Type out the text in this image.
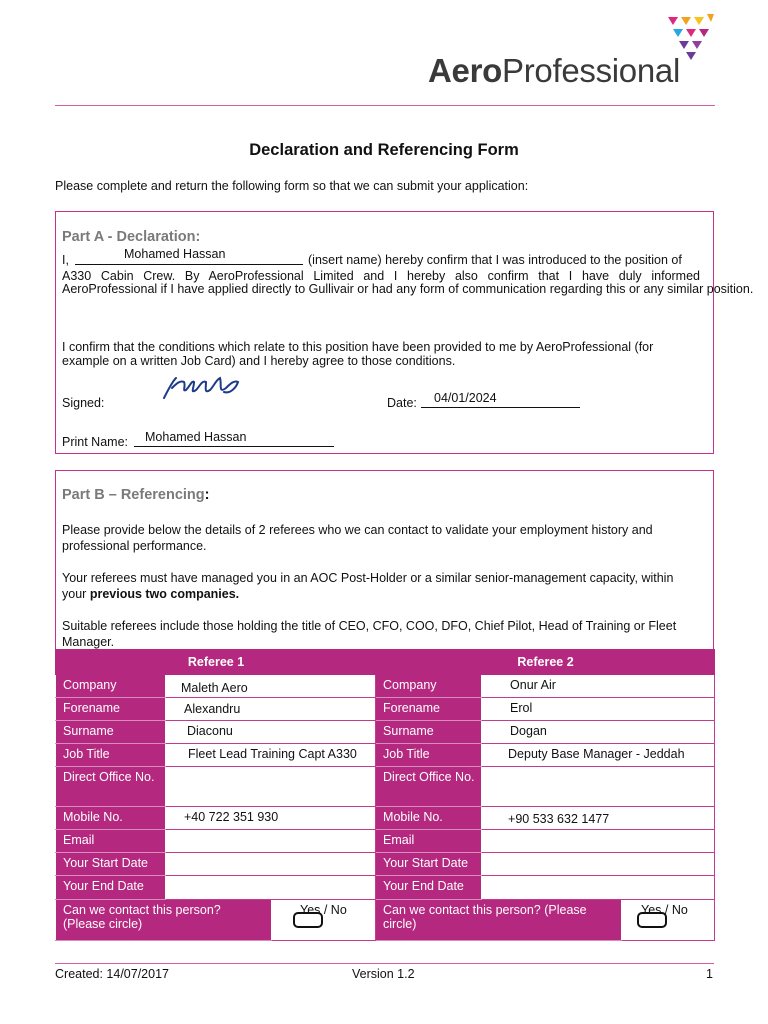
AeroProfessional
Declaration and Referencing Form
Please complete and return the following form so that we can submit your application:
Part A - Declaration:
I,	Mohamed Hassan	(insert name) hereby confirm that I was introduced to the position of
A330 Cabin Crew. By AeroProfessional Limited and I hereby also confirm that I have duly informed
AeroProfessional if I have applied directly to Gullivair or had any form of communication regarding this or any similar position.
I confirm that the conditions which relate to this position have been provided to me by AeroProfessional (for
example on a written Job Card) and I hereby agree to those conditions.
Signed:	Date: 04/01/2024
Print Name: Mohamed Hassan
Part B – Referencing:
Please provide below the details of 2 referees who we can contact to validate your employment history and
professional performance.
Your referees must have managed you in an AOC Post-Holder or a similar senior-management capacity, within
your previous two companies.
Suitable referees include those holding the title of CEO, CFO, COO, DFO, Chief Pilot, Head of Training or Fleet
Manager.
Referee 1			Referee 2		
Company	Maleth Aero		Company	Onur Air	
Forename	Alexandru		Forename	Erol	
Surname	Diaconu		Surname	Dogan	
Job Title	Fleet Lead Training Capt A330		Job Title	Deputy Base Manager - Jeddah	
Direct Office No.			Direct Office No.		
Mobile No.	+40 722 351 930		Mobile No.	+90 533 632 1477	
Email			Email		
Your Start Date			Your Start Date		
Your End Date			Your End Date		
Can we contact this person? (Please circle)		Yes / No	Can we contact this person? (Please circle)		Yes / No
Created: 14/07/2017	Version 1.2	1
